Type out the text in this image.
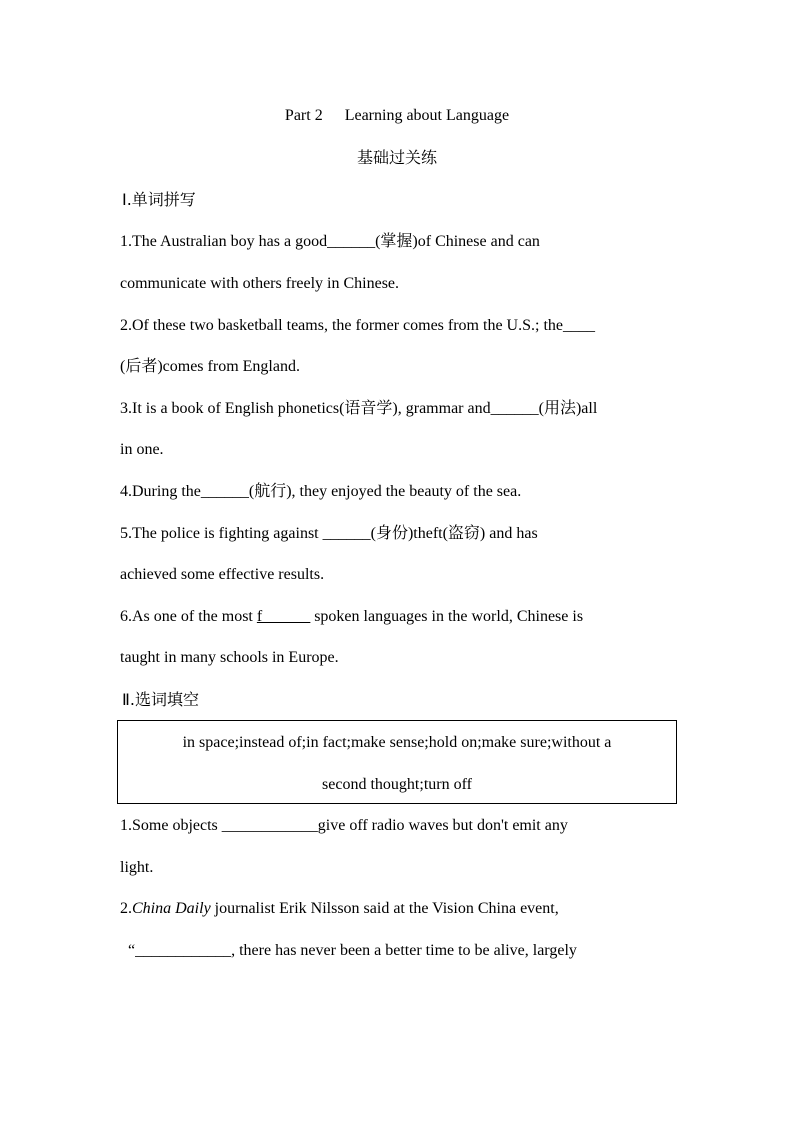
Part 2 Learning about Language
基础过关练
Ⅰ.单词拼写
1.The Australian boy has a good______(掌握)of Chinese and can
communicate with others freely in Chinese.
2.Of these two basketball teams, the former comes from the U.S.; the____
(后者)comes from England.
3.It is a book of English phonetics(语音学), grammar and______(用法)all
in one.
4.During the______(航行), they enjoyed the beauty of the sea.
5.The police is fighting against ______(身份)theft(盗窃) and has
achieved some effective results.
6.As one of the most f______ spoken languages in the world, Chinese is
taught in many schools in Europe.
Ⅱ.选词填空
in space;instead of;in fact;make sense;hold on;make sure;without a
second thought;turn off
1.Some objects ____________give off radio waves but don't emit any
light.
2.China Daily journalist Erik Nilsson said at the Vision China event,
“____________, there has never been a better time to be alive, largely
